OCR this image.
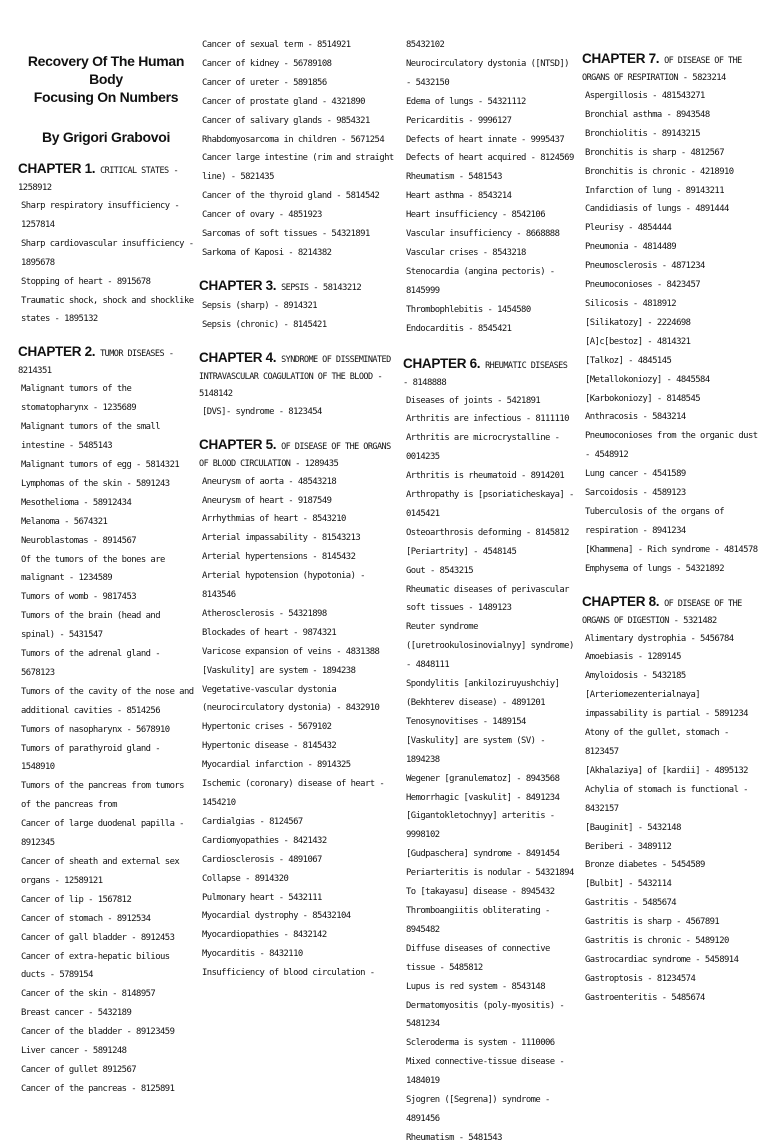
Recovery Of The Human Body
Focusing On Numbers
By Grigori Grabovoi

CHAPTER 1. CRITICAL STATES - 1258912

Sharp respiratory insufficiency - 1257814

Sharp cardiovascular insufficiency - 1895678

Stopping of heart - 8915678

Traumatic shock, shock and shocklike states - 1895132

CHAPTER 2. TUMOR DISEASES - 8214351

Malignant tumors of the stomatopharynx - 1235689

Malignant tumors of the small intestine - 5485143

Malignant tumors of egg - 5814321

Lymphomas of the skin - 5891243

Mesothelioma - 58912434

Melanoma - 5674321

Neuroblastomas - 8914567

Of the tumors of the bones are malignant - 1234589

Tumors of womb - 9817453

Tumors of the brain (head and spinal) - 5431547

Tumors of the adrenal gland - 5678123

Tumors of the cavity of the nose and additional cavities - 8514256

Tumors of nasopharynx - 5678910

Tumors of parathyroid gland - 1548910

Tumors of the pancreas from tumors of the pancreas from

Cancer of large duodenal papilla - 8912345

Cancer of sheath and external sex organs - 12589121

Cancer of lip - 1567812

Cancer of stomach - 8912534

Cancer of gall bladder - 8912453

Cancer of extra-hepatic bilious ducts - 5789154

Cancer of the skin - 8148957

Breast cancer - 5432189

Cancer of the bladder - 89123459

Liver cancer - 5891248

Cancer of gullet 8912567

Cancer of the pancreas - 8125891

Cancer of sexual term - 8514921

Cancer of kidney - 56789108

Cancer of ureter - 5891856

Cancer of prostate gland - 4321890

Cancer of salivary glands - 9854321

Rhabdomyosarcoma in children - 5671254

Cancer large intestine (rim and straight line) - 5821435

Cancer of the thyroid gland - 5814542

Cancer of ovary - 4851923

Sarcomas of soft tissues - 54321891

Sarkoma of Kaposi - 8214382

CHAPTER 3. SEPSIS - 58143212

Sepsis (sharp) - 8914321

Sepsis (chronic) - 8145421

CHAPTER 4. SYNDROME OF DISSEMINATED INTRAVASCULAR COAGULATION OF THE BLOOD - 5148142

[DVS]- syndrome - 8123454

CHAPTER 5. OF DISEASE OF THE ORGANS OF BLOOD CIRCULATION - 1289435

Aneurysm of aorta - 48543218

Aneurysm of heart - 9187549

Arrhythmias of heart - 8543210

Arterial impassability - 81543213

Arterial hypertensions - 8145432

Arterial hypotension (hypotonia) - 8143546

Atherosclerosis - 54321898

Blockades of heart - 9874321

Varicose expansion of veins - 4831388

[Vaskulity] are system - 1894238

Vegetative-vascular dystonia (neurocirculatory dystonia) - 8432910

Hypertonic crises - 5679102

Hypertonic disease - 8145432

Myocardial infarction - 8914325

Ischemic (coronary) disease of heart - 1454210

Cardialgias - 8124567

Cardiomyopathies - 8421432

Cardiosclerosis - 4891067

Collapse - 8914320

Pulmonary heart - 5432111

Myocardial dystrophy - 85432104

Myocardiopathies - 8432142

Myocarditis - 8432110

Insufficiency of blood circulation -

85432102

Neurocirculatory dystonia ([NTSD]) - 5432150

Edema of lungs - 54321112

Pericarditis - 9996127

Defects of heart innate - 9995437

Defects of heart acquired - 8124569

Rheumatism - 5481543

Heart asthma - 8543214

Heart insufficiency - 8542106

Vascular insufficiency - 8668888

Vascular crises - 8543218

Stenocardia (angina pectoris) - 8145999

Thrombophlebitis - 1454580

Endocarditis - 8545421

CHAPTER 6. RHEUMATIC DISEASES - 8148888

Diseases of joints - 5421891

Arthritis are infectious - 8111110

Arthritis are microcrystalline - 0014235

Arthritis is rheumatoid - 8914201

Arthropathy is [psoriaticheskaya] - 0145421

Osteoarthrosis deforming - 8145812

[Periartrity] - 4548145

Gout - 8543215

Rheumatic diseases of perivascular soft tissues - 1489123

Reuter syndrome ([uretrookulosinovialnyy] syndrome) - 4848111

Spondylitis [ankiloziruyushchiy] (Bekhterev disease) - 4891201

Tenosynovitises - 1489154

[Vaskulity] are system (SV) - 1894238

Wegener [granulematoz] - 8943568

Hemorrhagic [vaskulit] - 8491234

[Gigantokletochnyy] arteritis - 9998102

[Gudpaschera] syndrome - 8491454

Periarteritis is nodular - 54321894

To [takayasu] disease - 8945432

Thromboangiitis obliterating - 8945482

Diffuse diseases of connective tissue - 5485812

Lupus is red system - 8543148

Dermatomyositis (poly-myositis) - 5481234

Scleroderma is system - 1110006

Mixed connective-tissue disease - 1484019

Sjogren ([Segrena]) syndrome - 4891456

Rheumatism - 5481543

CHAPTER 7. OF DISEASE OF THE ORGANS OF RESPIRATION - 5823214

Aspergillosis - 481543271

Bronchial asthma - 8943548

Bronchiolitis - 89143215

Bronchitis is sharp - 4812567

Bronchitis is chronic - 4218910

Infarction of lung - 89143211

Candidiasis of lungs - 4891444

Pleurisy - 4854444

Pneumonia - 4814489

Pneumosclerosis - 4871234

Pneumoconioses - 8423457

Silicosis - 4818912

[Silikatozy] - 2224698

[A]c[bestoz] - 4814321

[Talkoz] - 4845145

[Metallokoniozy] - 4845584

[Karbokoniozy] - 8148545

Anthracosis - 5843214

Pneumoconioses from the organic dust - 4548912

Lung cancer - 4541589

Sarcoidosis - 4589123

Tuberculosis of the organs of respiration - 8941234

[Khammena] - Rich syndrome - 4814578

Emphysema of lungs - 54321892

CHAPTER 8. OF DISEASE OF THE ORGANS OF DIGESTION - 5321482

Alimentary dystrophia - 5456784

Amoebiasis - 1289145

Amyloidosis - 5432185

[Arteriomezenterialnaya] impassability is partial - 5891234

Atony of the gullet, stomach - 8123457

[Akhalaziya] of [kardii] - 4895132

Achylia of stomach is functional - 8432157

[Bauginit] - 5432148

Beriberi - 3489112

Bronze diabetes - 5454589

[Bulbit] - 5432114

Gastritis - 5485674

Gastritis is sharp - 4567891

Gastritis is chronic - 5489120

Gastrocardiac syndrome - 5458914

Gastroptosis - 81234574

Gastroenteritis - 5485674
